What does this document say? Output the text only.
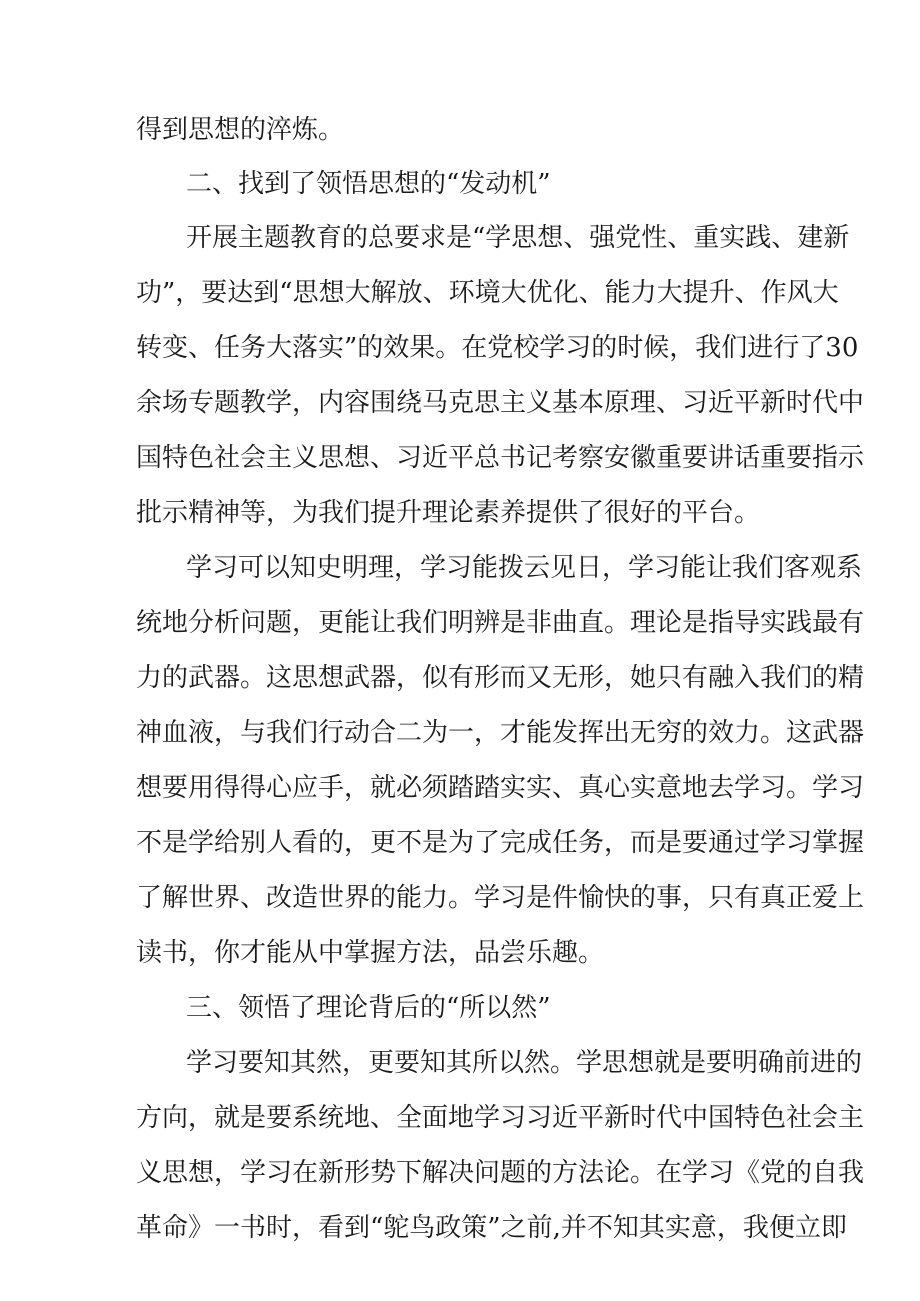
得到思想的淬炼。
二、找到了领悟思想的“发动机”
开展主题教育的总要求是“学思想、强党性、重实践、建新
功”，要达到“思想大解放、环境大优化、能力大提升、作风大
转变、任务大落实”的效果。在党校学习的时候，我们进行了30
余场专题教学，内容围绕马克思主义基本原理、习近平新时代中
国特色社会主义思想、习近平总书记考察安徽重要讲话重要指示
批示精神等，为我们提升理论素养提供了很好的平台。
学习可以知史明理，学习能拨云见日，学习能让我们客观系
统地分析问题，更能让我们明辨是非曲直。理论是指导实践最有
力的武器。这思想武器，似有形而又无形，她只有融入我们的精
神血液，与我们行动合二为一，才能发挥出无穷的效力。这武器
想要用得得心应手，就必须踏踏实实、真心实意地去学习。学习
不是学给别人看的，更不是为了完成任务，而是要通过学习掌握
了解世界、改造世界的能力。学习是件愉快的事，只有真正爱上
读书，你才能从中掌握方法，品尝乐趣。
三、领悟了理论背后的“所以然”
学习要知其然，更要知其所以然。学思想就是要明确前进的
方向，就是要系统地、全面地学习习近平新时代中国特色社会主
义思想，学习在新形势下解决问题的方法论。在学习《党的自我
革命》一书时，看到“鸵鸟政策”之前,并不知其实意，我便立即
